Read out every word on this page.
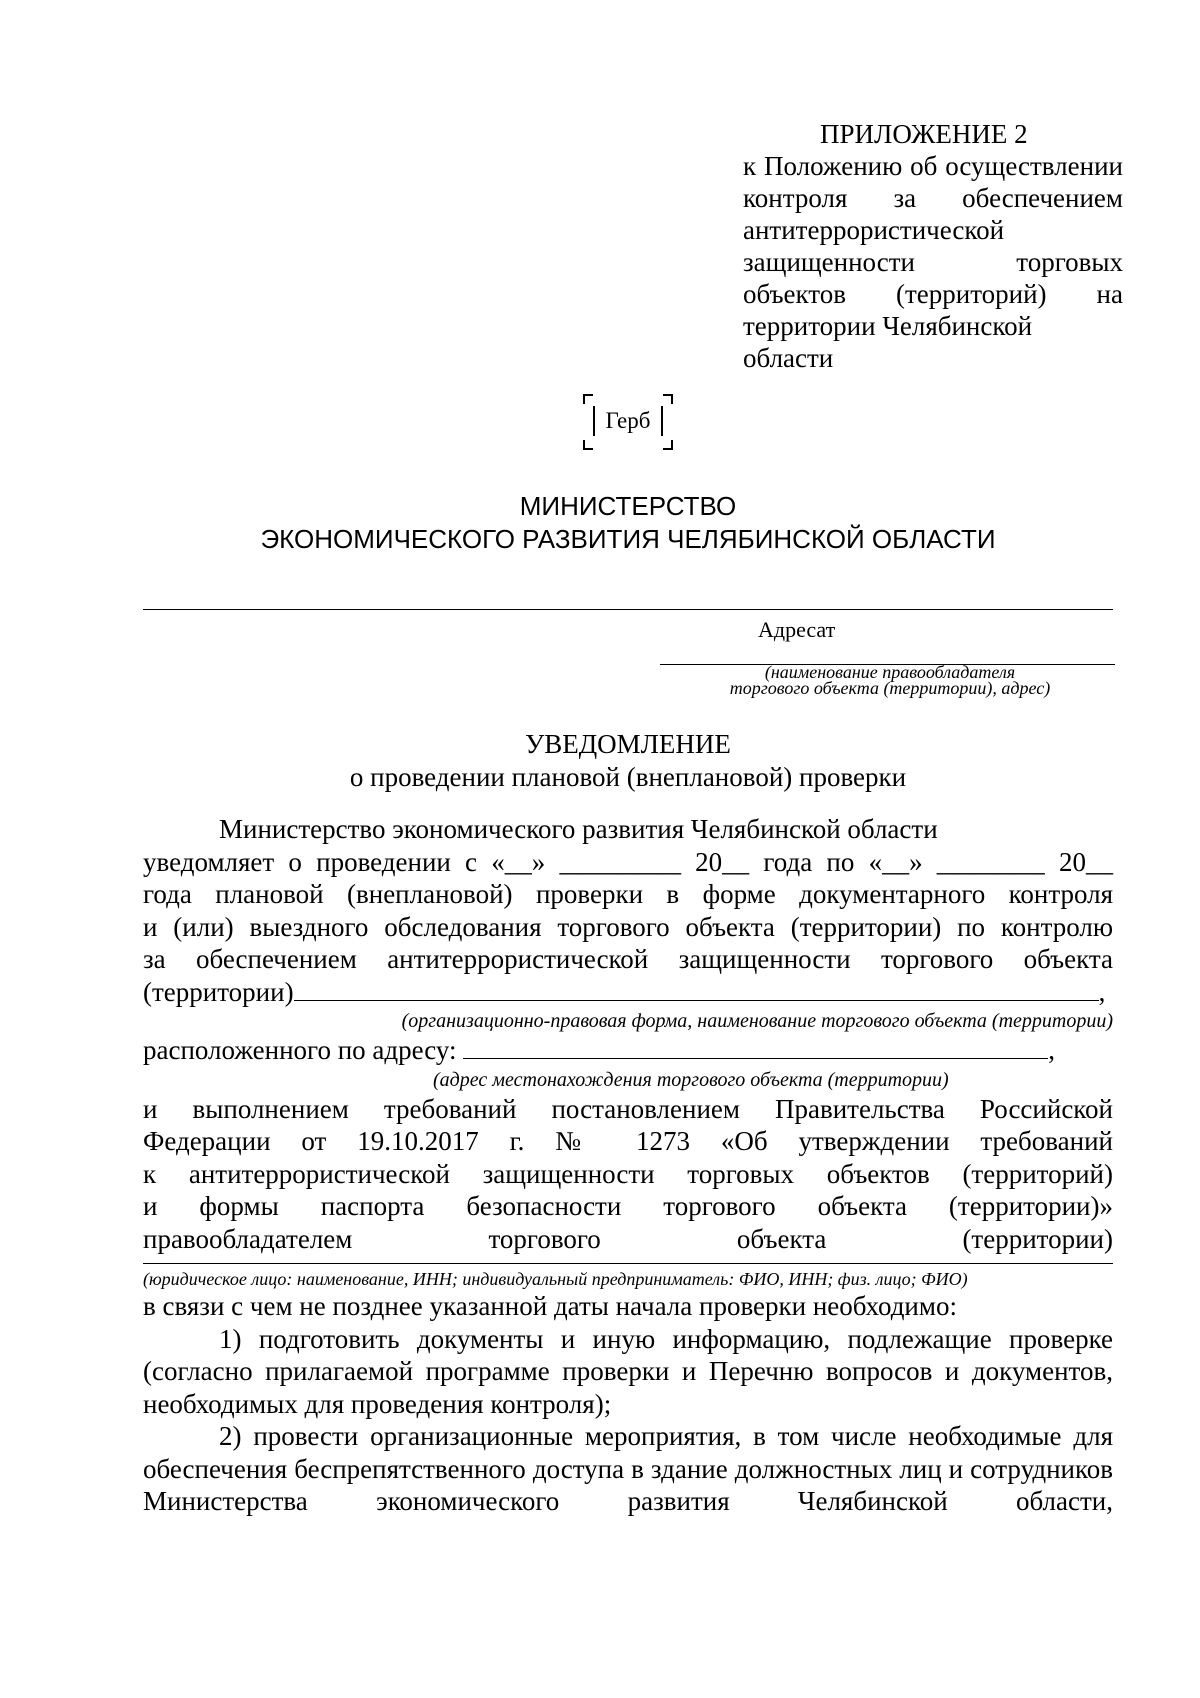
ПРИЛОЖЕНИЕ 2
к Положению об осуществлении
контроля за обеспечением
антитеррористической
защищенности торговых
объектов (территорий) на
территории Челябинской области
Герб
МИНИСТЕРСТВО
ЭКОНОМИЧЕСКОГО РАЗВИТИЯ ЧЕЛЯБИНСКОЙ ОБЛАСТИ
Адресат
(наименование правообладателя
торгового объекта (территории), адрес)
УВЕДОМЛЕНИЕ
о проведении плановой (внеплановой) проверки

Министерство экономического развития Челябинской области

уведомляет о проведении с «__» _________ 20__ года по «__» ________ 20__

года плановой (внеплановой) проверки в форме документарного контроля

и (или) выездного обследования торгового объекта (территории) по контролю

за обеспечением антитеррористической защищенности торгового объекта

(территории)	,

(организационно-правовая форма, наименование торгового объекта (территории)

расположенного по адресу:	,

(адрес местонахождения торгового объекта (территории)

и выполнением требований постановлением Правительства Российской

Федерации от 19.10.2017 г. № 1273 «Об утверждении требований

к антитеррористической защищенности торговых объектов (территорий)

и формы паспорта безопасности торгового объекта (территории)»

правообладателем торгового объекта (территории)

(юридическое лицо: наименование, ИНН; индивидуальный предприниматель: ФИО, ИНН; физ. лицо; ФИО)

в связи с чем не позднее указанной даты начала проверки необходимо:

1) подготовить документы и иную информацию, подлежащие проверке (согласно прилагаемой программе проверки и Перечню вопросов и документов, необходимых для проведения контроля);

2) провести организационные мероприятия, в том числе необходимые для обеспечения беспрепятственного доступа в здание должностных лиц и сотрудников Министерства экономического развития Челябинской области,
